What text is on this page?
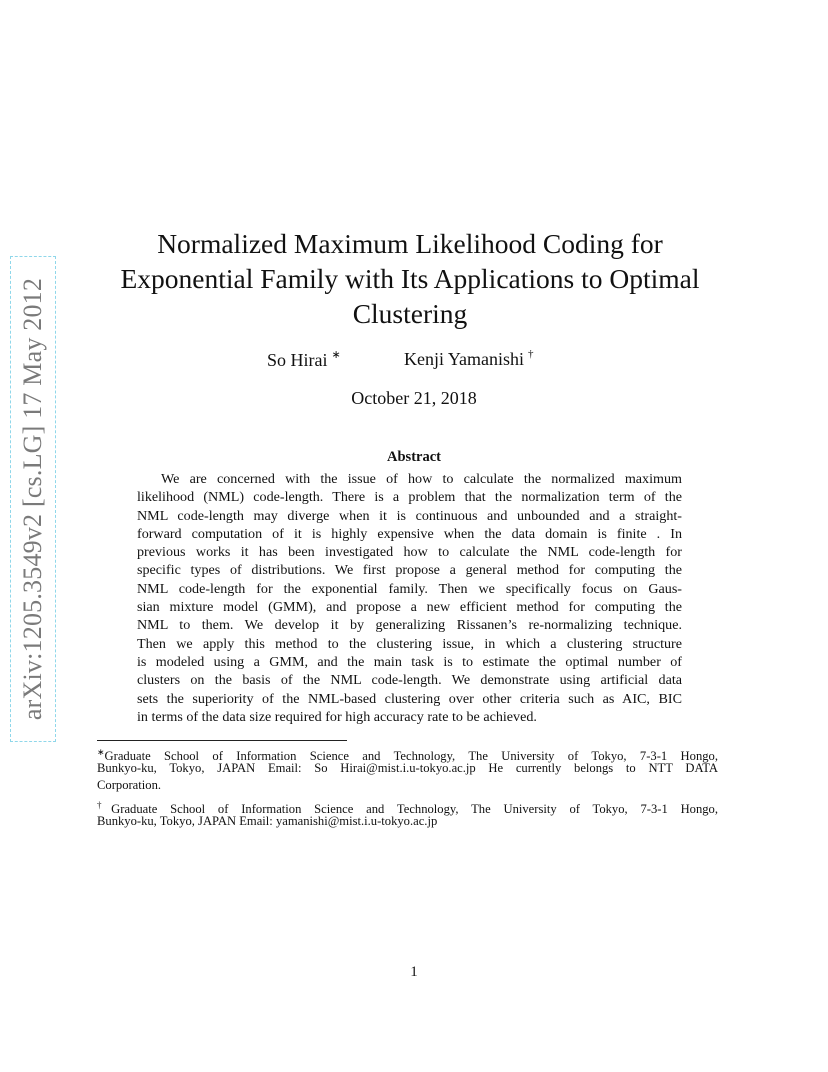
arXiv:1205.3549v2 [cs.LG] 17 May 2012
Normalized Maximum Likelihood Coding for
Exponential Family with Its Applications to Optimal
Clustering
So Hirai ∗	Kenji Yamanishi †
October 21, 2018
Abstract
We are concerned with the issue of how to calculate the normalized maximum
likelihood (NML) code-length. There is a problem that the normalization term of the
NML code-length may diverge when it is continuous and unbounded and a straight-
forward computation of it is highly expensive when the data domain is finite . In
previous works it has been investigated how to calculate the NML code-length for
specific types of distributions. We first propose a general method for computing the
NML code-length for the exponential family. Then we specifically focus on Gaus-
sian mixture model (GMM), and propose a new efficient method for computing the
NML to them. We develop it by generalizing Rissanen’s re-normalizing technique.
Then we apply this method to the clustering issue, in which a clustering structure
is modeled using a GMM, and the main task is to estimate the optimal number of
clusters on the basis of the NML code-length. We demonstrate using artificial data
sets the superiority of the NML-based clustering over other criteria such as AIC, BIC
in terms of the data size required for high accuracy rate to be achieved.
∗Graduate School of Information Science and Technology, The University of Tokyo, 7-3-1 Hongo,
Bunkyo-ku, Tokyo, JAPAN Email: So Hirai@mist.i.u-tokyo.ac.jp He currently belongs to NTT DATA
Corporation.
†Graduate School of Information Science and Technology, The University of Tokyo, 7-3-1 Hongo,
Bunkyo-ku, Tokyo, JAPAN Email: yamanishi@mist.i.u-tokyo.ac.jp
1
